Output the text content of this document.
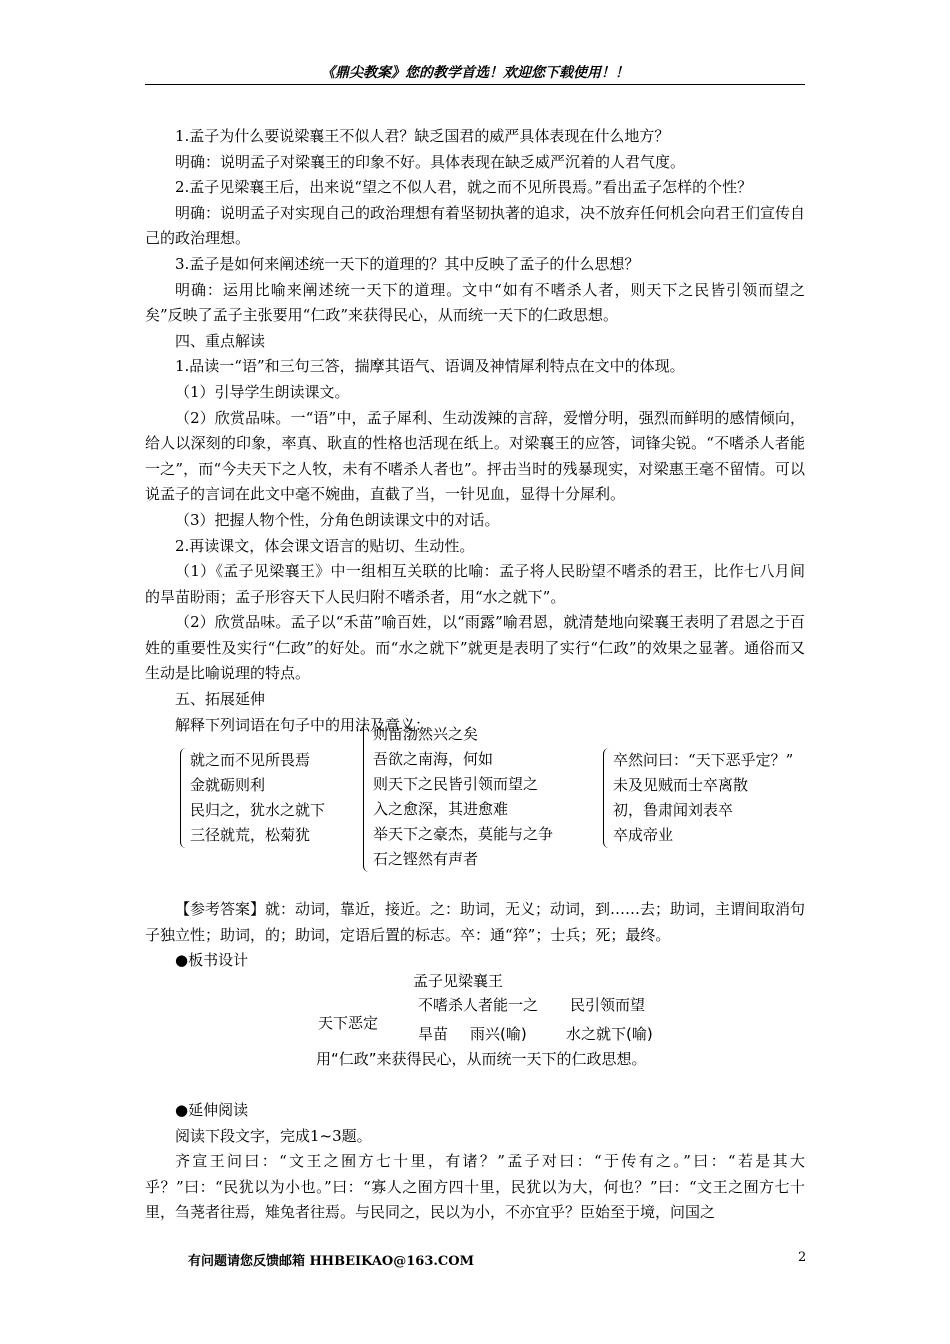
《鼎尖教案》您的教学首选！欢迎您下载使用！！

1.孟子为什么要说梁襄王不似人君？缺乏国君的威严具体表现在什么地方？

明确：说明孟子对梁襄王的印象不好。具体表现在缺乏威严沉着的人君气度。

2.孟子见梁襄王后，出来说“望之不似人君，就之而不见所畏焉。”看出孟子怎样的个性？

明确：说明孟子对实现自己的政治理想有着坚韧执著的追求，决不放弃任何机会向君王们宣传自己的政治理想。

3.孟子是如何来阐述统一天下的道理的？其中反映了孟子的什么思想？

明确：运用比喻来阐述统一天下的道理。文中“如有不嗜杀人者，则天下之民皆引领而望之矣”反映了孟子主张要用“仁政”来获得民心，从而统一天下的仁政思想。

四、重点解读

1.品读一“语”和三句三答，揣摩其语气、语调及神情犀利特点在文中的体现。

（1）引导学生朗读课文。

（2）欣赏品味。一“语”中，孟子犀利、生动泼辣的言辞，爱憎分明，强烈而鲜明的感情倾向，给人以深刻的印象，率真、耿直的性格也活现在纸上。对梁襄王的应答，词锋尖锐。“不嗜杀人者能一之”，而“今夫天下之人牧，未有不嗜杀人者也”。抨击当时的残暴现实，对梁惠王毫不留情。可以说孟子的言词在此文中毫不婉曲，直截了当，一针见血，显得十分犀利。

（3）把握人物个性，分角色朗读课文中的对话。

2.再读课文，体会课文语言的贴切、生动性。

（1）《孟子见梁襄王》中一组相互关联的比喻：孟子将人民盼望不嗜杀的君王，比作七八月间的旱苗盼雨；孟子形容天下人民归附不嗜杀者，用“水之就下”。

（2）欣赏品味。孟子以“禾苗”喻百姓，以“雨露”喻君恩，就清楚地向梁襄王表明了君恩之于百姓的重要性及实行“仁政”的好处。而“水之就下”就更是表明了实行“仁政”的效果之显著。通俗而又生动是比喻说理的特点。

五、拓展延伸

解释下列词语在句子中的用法及意义：

就之而不见所畏焉
金就砺则利
民归之，犹水之就下
三径就荒，松菊犹
则苗渤然兴之矣
吾欲之南海，何如
则天下之民皆引领而望之
入之愈深，其进愈难
举天下之豪杰，莫能与之争
石之铿然有声者
卒然问曰：“天下恶乎定？”
未及见贼而士卒离散
初，鲁肃闻刘表卒
卒成帝业

【参考答案】就：动词，靠近，接近。之：助词，无义；动词，到……去；助词，主谓间取消句子独立性；助词，的；助词，定语后置的标志。卒：通“猝”；士兵；死；最终。

●板书设计

孟子见梁襄王
天下恶定
不嗜杀人者能一之 民引领而望
旱苗 雨兴(喻)	水之就下(喻)
用“仁政”来获得民心，从而统一天下的仁政思想。

●延伸阅读

阅读下段文字，完成1~3题。

齐宣王问曰：“文王之囿方七十里，有诸？”孟子对曰：“于传有之。”曰：“若是其大乎？”曰：“民犹以为小也。”曰：“寡人之囿方四十里，民犹以为大，何也？”曰：“文王之囿方七十里，刍荛者往焉，雉兔者往焉。与民同之，民以为小，不亦宜乎？臣始至于境，问国之

有问题请您反馈邮箱 HHBEIKAO@163.COM	2
